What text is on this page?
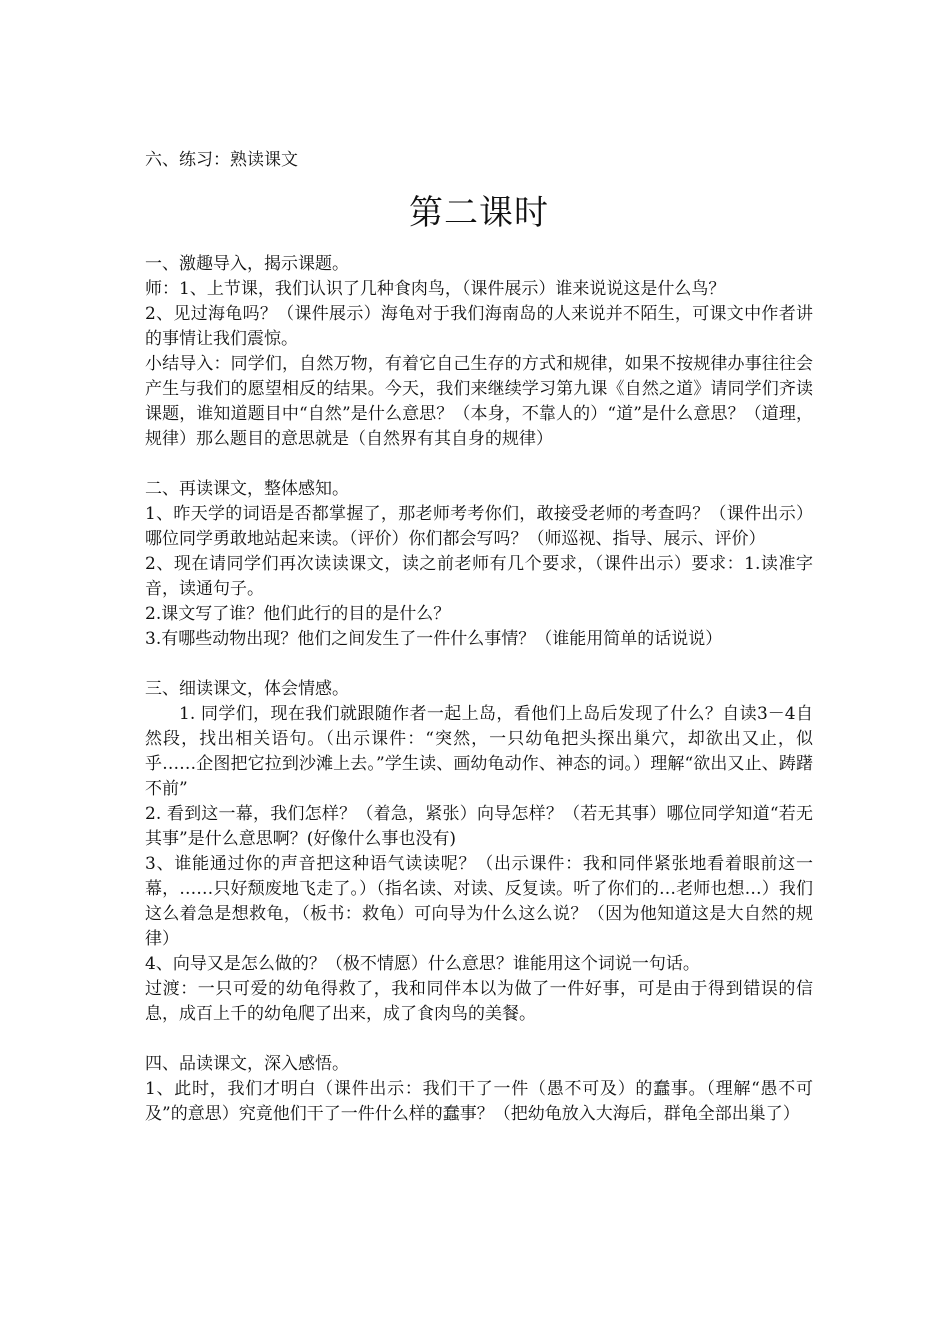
六、练习：熟读课文

第二课时

一、激趣导入，揭示课题。

师：1、上节课，我们认识了几种食肉鸟，（课件展示）谁来说说这是什么鸟？

2、见过海龟吗？（课件展示）海龟对于我们海南岛的人来说并不陌生，可课文中作者讲的事情让我们震惊。

小结导入：同学们，自然万物，有着它自己生存的方式和规律，如果不按规律办事往往会产生与我们的愿望相反的结果。今天，我们来继续学习第九课《自然之道》请同学们齐读课题，谁知道题目中“自然”是什么意思？（本身，不靠人的）“道”是什么意思？（道理，规律）那么题目的意思就是（自然界有其自身的规律）

二、再读课文，整体感知。

1、昨天学的词语是否都掌握了，那老师考考你们，敢接受老师的考查吗？（课件出示）哪位同学勇敢地站起来读。（评价）你们都会写吗？（师巡视、指导、展示、评价）

2、现在请同学们再次读读课文，读之前老师有几个要求，（课件出示）要求：1.读准字音，读通句子。

2.课文写了谁？他们此行的目的是什么？

3.有哪些动物出现？他们之间发生了一件什么事情？（谁能用简单的话说说）

三、细读课文，体会情感。

1. 同学们，现在我们就跟随作者一起上岛，看他们上岛后发现了什么？自读3－4自然段，找出相关语句。（出示课件：“突然，一只幼龟把头探出巢穴，却欲出又止，似乎……企图把它拉到沙滩上去。”学生读、画幼龟动作、神态的词。）理解“欲出又止、踌躇不前”

2. 看到这一幕，我们怎样？（着急，紧张）向导怎样？（若无其事）哪位同学知道“若无其事”是什么意思啊？(好像什么事也没有)

3、谁能通过你的声音把这种语气读读呢？（出示课件：我和同伴紧张地看着眼前这一幕，……只好颓废地飞走了。）（指名读、对读、反复读。听了你们的…老师也想…）我们这么着急是想救龟，（板书：救龟）可向导为什么这么说？（因为他知道这是大自然的规律）

4、向导又是怎么做的？（极不情愿）什么意思？谁能用这个词说一句话。

过渡：一只可爱的幼龟得救了，我和同伴本以为做了一件好事，可是由于得到错误的信息，成百上千的幼龟爬了出来，成了食肉鸟的美餐。

四、品读课文，深入感悟。

1、此时，我们才明白（课件出示：我们干了一件（愚不可及）的蠢事。（理解“愚不可及”的意思）究竟他们干了一件什么样的蠢事？（把幼龟放入大海后，群龟全部出巢了）
